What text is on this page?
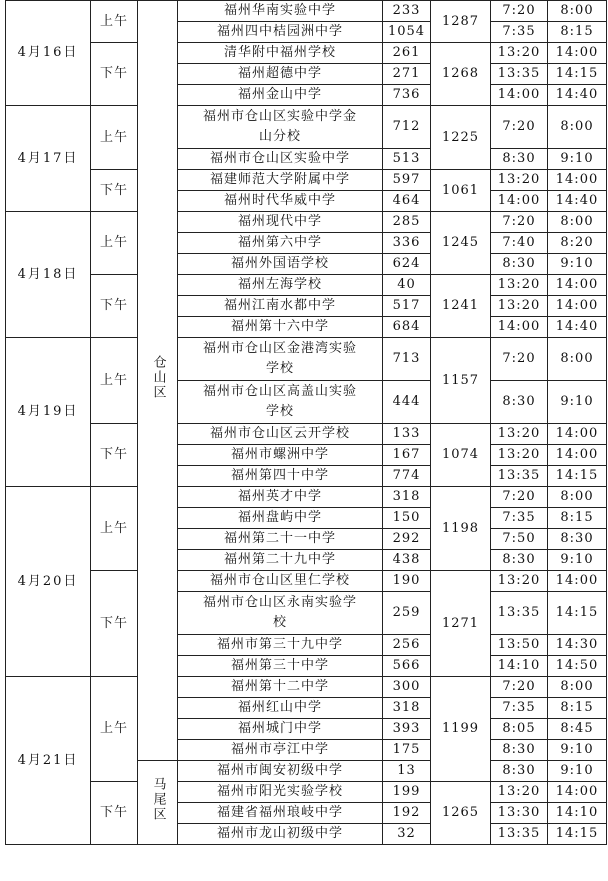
4月16日	上午	仓山区	福州华南实验中学	233	1287	7:20	8:00
			福州四中桔园洲中学	1054		7:35	8:15
	下午		清华附中福州学校	261	1268	13:20	14:00
			福州超德中学	271		13:35	14:15
			福州金山中学	736		14:00	14:40
4月17日	上午		福州市仓山区实验中学金山分校	712	1225	7:20	8:00
			福州市仓山区实验中学	513		8:30	9:10
	下午		福建师范大学附属中学	597	1061	13:20	14:00
			福州时代华威中学	464		14:00	14:40
4月18日	上午		福州现代中学	285	1245	7:20	8:00
			福州第六中学	336		7:40	8:20
			福州外国语学校	624		8:30	9:10
	下午		福州左海学校	40	1241	13:20	14:00
			福州江南水都中学	517		13:20	14:00
			福州第十六中学	684		14:00	14:40
4月19日	上午		福州市仓山区金港湾实验学校	713	1157	7:20	8:00
			福州市仓山区高盖山实验学校	444		8:30	9:10
	下午		福州市仓山区云开学校	133	1074	13:20	14:00
			福州市螺洲中学	167		13:20	14:00
			福州第四十中学	774		13:35	14:15
4月20日	上午		福州英才中学	318	1198	7:20	8:00
			福州盘屿中学	150		7:35	8:15
			福州第二十一中学	292		7:50	8:30
			福州第二十九中学	438		8:30	9:10
	下午		福州市仓山区里仁学校	190	1271	13:20	14:00
			福州市仓山区永南实验学校	259		13:35	14:15
			福州市第三十九中学	256		13:50	14:30
			福州第三十中学	566		14:10	14:50
4月21日	上午		福州第十二中学	300	1199	7:20	8:00
			福州红山中学	318		7:35	8:15
			福州城门中学	393		8:05	8:45
			福州市亭江中学	175		8:30	9:10
		马尾区	福州市闽安初级中学	13		8:30	9:10
	下午		福州市阳光实验学校	199	1265	13:20	14:00
			福建省福州琅岐中学	192		13:30	14:10
			福州市龙山初级中学	32		13:35	14:15
